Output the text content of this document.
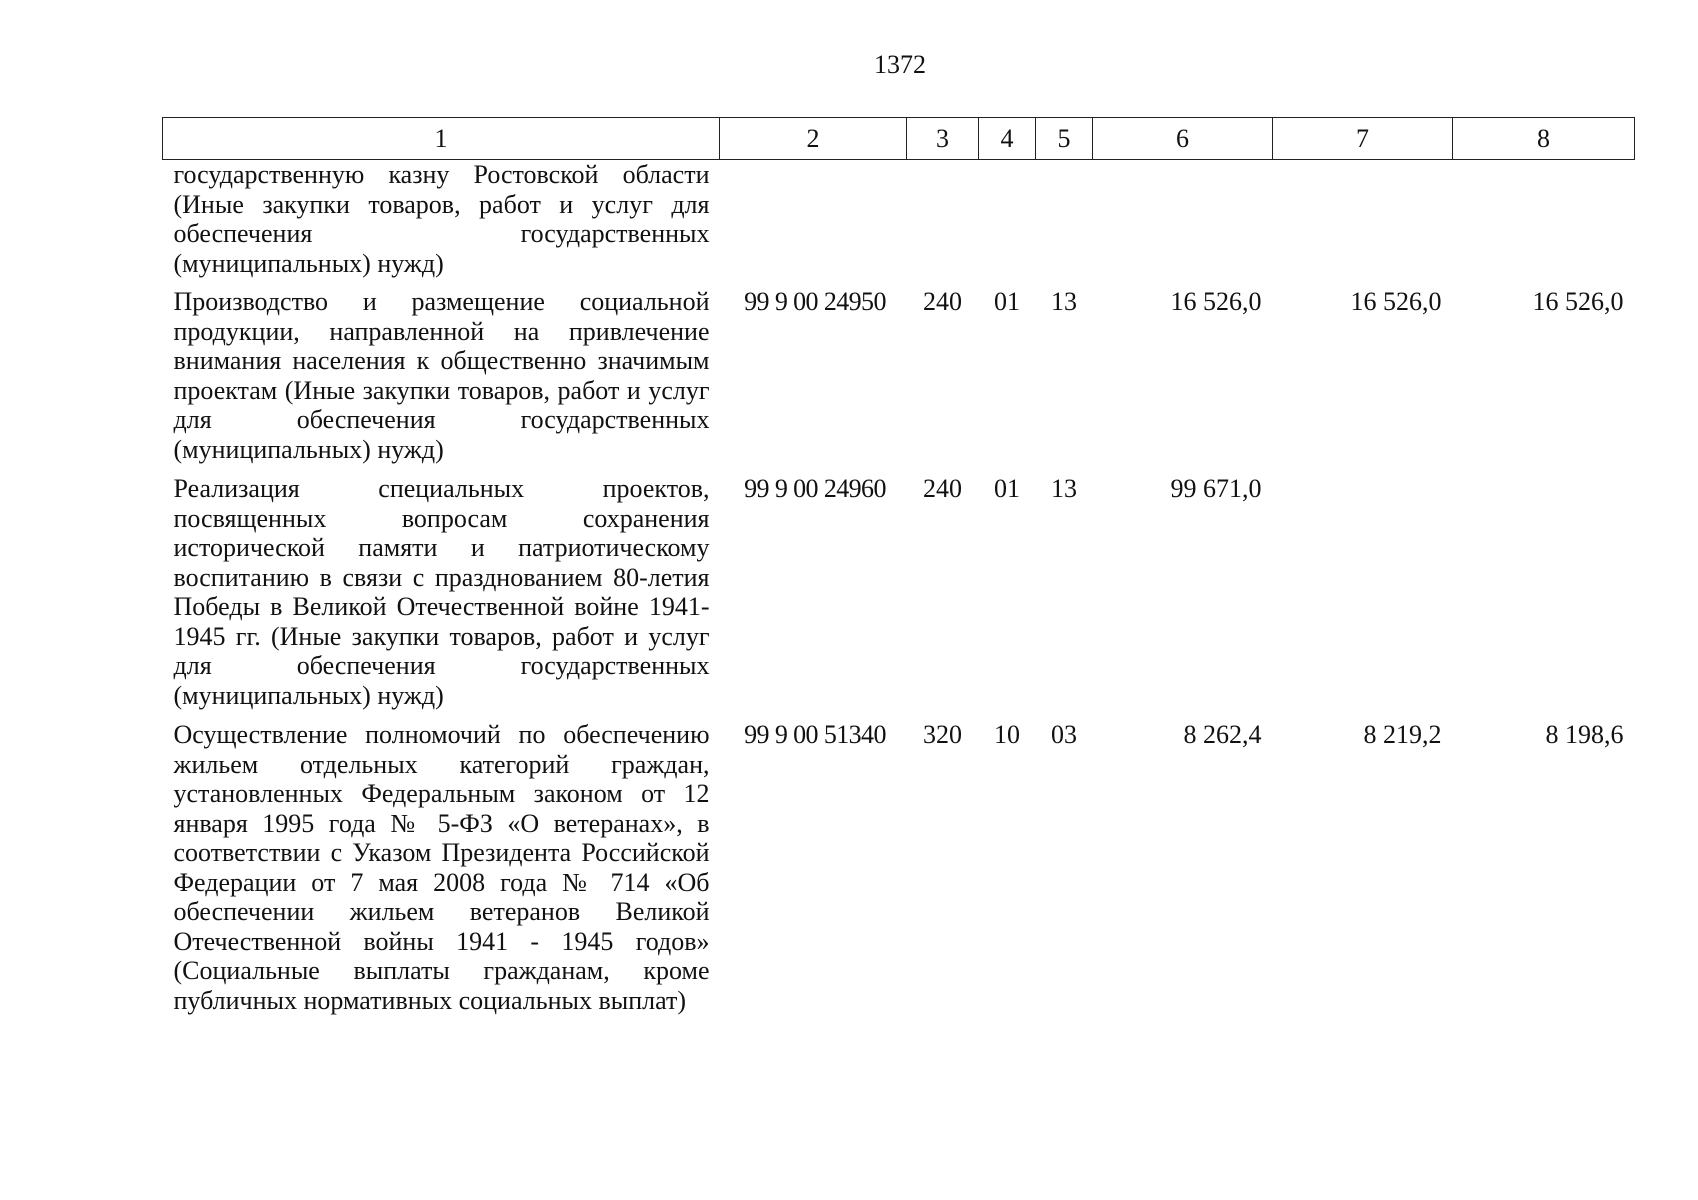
1372
1	2	3	4	5	6	7	8
государственную казну Ростовской области (Иные закупки товаров, работ и услуг для обеспечения государственных (муниципальных) нужд)							
Производство и размещение социальной продукции, направленной на привлечение внимания населения к общественно значимым проектам (Иные закупки товаров, работ и услуг для обеспечения государственных (муниципальных) нужд)	99 9 00 24950	240	01	13	16 526,0	16 526,0	16 526,0
Реализация специальных проектов, посвященных вопросам сохранения исторической памяти и патриотическому воспитанию в связи с празднованием 80-летия Победы в Великой Отечественной войне 1941-1945 гг. (Иные закупки товаров, работ и услуг для обеспечения государственных (муниципальных) нужд)	99 9 00 24960	240	01	13	99 671,0		
Осуществление полномочий по обеспечению жильем отдельных категорий граждан, установленных Федеральным законом от 12 января 1995 года № 5-ФЗ «О ветеранах», в соответствии с Указом Президента Российской Федерации от 7 мая 2008 года № 714 «Об обеспечении жильем ветеранов Великой Отечественной войны 1941 - 1945 годов» (Социальные выплаты гражданам, кроме публичных нормативных социальных выплат)	99 9 00 51340	320	10	03	8 262,4	8 219,2	8 198,6
